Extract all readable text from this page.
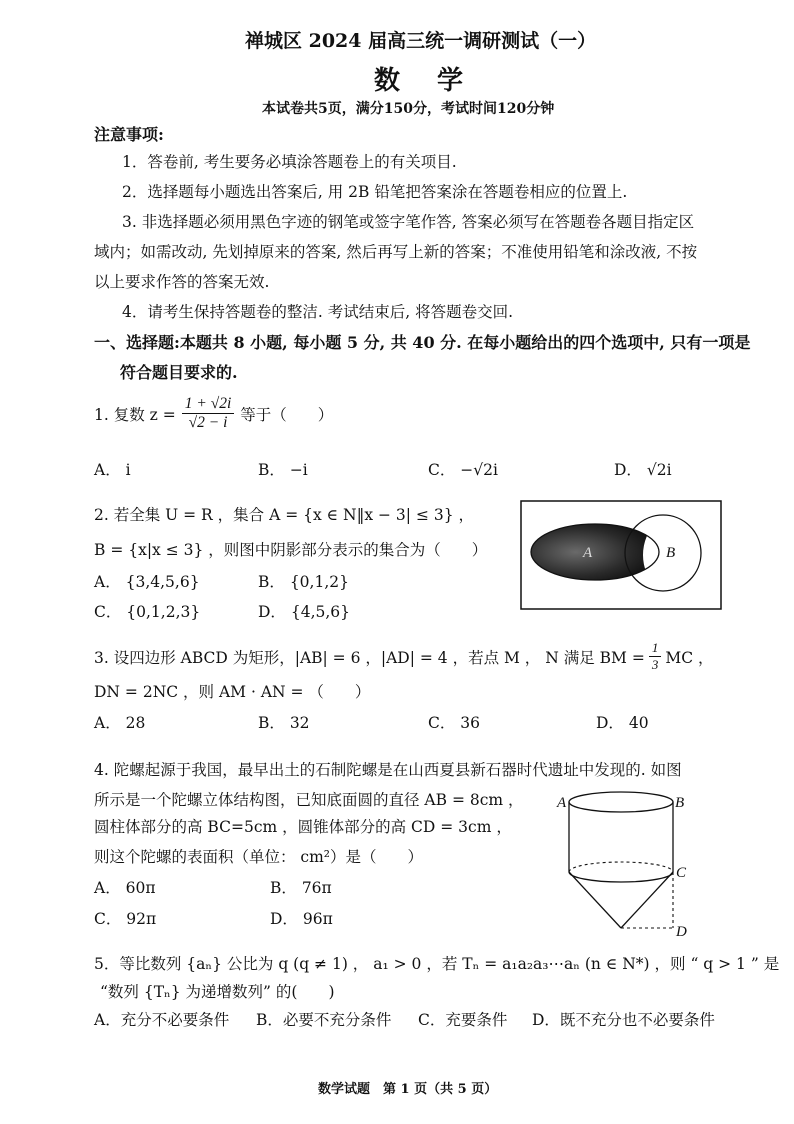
禅城区 2024 届高三统一调研测试（一）
数 学
本试卷共5页，满分150分，考试时间120分钟
注意事项:
1．答卷前, 考生要务必填涂答题卷上的有关项目.
2．选择题每小题选出答案后, 用 2B 铅笔把答案涂在答题卷相应的位置上.
3. 非选择题必须用黑色字迹的钢笔或签字笔作答, 答案必须写在答题卷各题目指定区
域内；如需改动, 先划掉原来的答案, 然后再写上新的答案；不准使用铅笔和涂改液, 不按
以上要求作答的答案无效.
4．请考生保持答题卷的整洁. 考试结束后, 将答题卷交回.
一、选择题:本题共 8 小题, 每小题 5 分, 共 40 分. 在每小题给出的四个选项中, 只有一项是
符合题目要求的.
1. 复数 $z = \frac{1 + √2i}{√2 - i}$ 等于（　　）
A． i	B． −i	C． −√2i	D． √2i
2. 若全集 U = R ，集合 A = {x ∈ N‖x − 3| ≤ 3} ，
B = {x|x ≤ 3} ，则图中阴影部分表示的集合为（　　）
A． {3,4,5,6}	B． {0,1,2}
C． {0,1,2,3}	D． {4,5,6}
A	B
3. 设四边形 ABCD 为矩形，|AB| = 6 ，|AD| = 4 ，若点 M ， N 满足 BM = $\frac{1}{3}$ MC ，
DN = 2NC ，则 AM · AN = （　　）
A． 28	B． 32	C． 36	D． 40
4. 陀螺起源于我国，最早出土的石制陀螺是在山西夏县新石器时代遗址中发现的. 如图
所示是一个陀螺立体结构图，已知底面圆的直径 AB = 8cm ，
圆柱体部分的高 BC=5cm ，圆锥体部分的高 CD = 3cm ，
则这个陀螺的表面积（单位： cm²）是（　　）
A． 60π	B． 76π
C． 92π	D． 96π
A	B
C
D
5．等比数列 {aₙ} 公比为 q (q ≠ 1) ， a₁ > 0 ，若 Tₙ = a₁a₂a₃⋯aₙ (n ∈ N*) ，则 “ q > 1 ” 是
“数列 {Tₙ} 为递增数列” 的(　　)
A．充分不必要条件 B．必要不充分条件 C．充要条件 D．既不充分也不必要条件
数学试题　第 1 页（共 5 页）
